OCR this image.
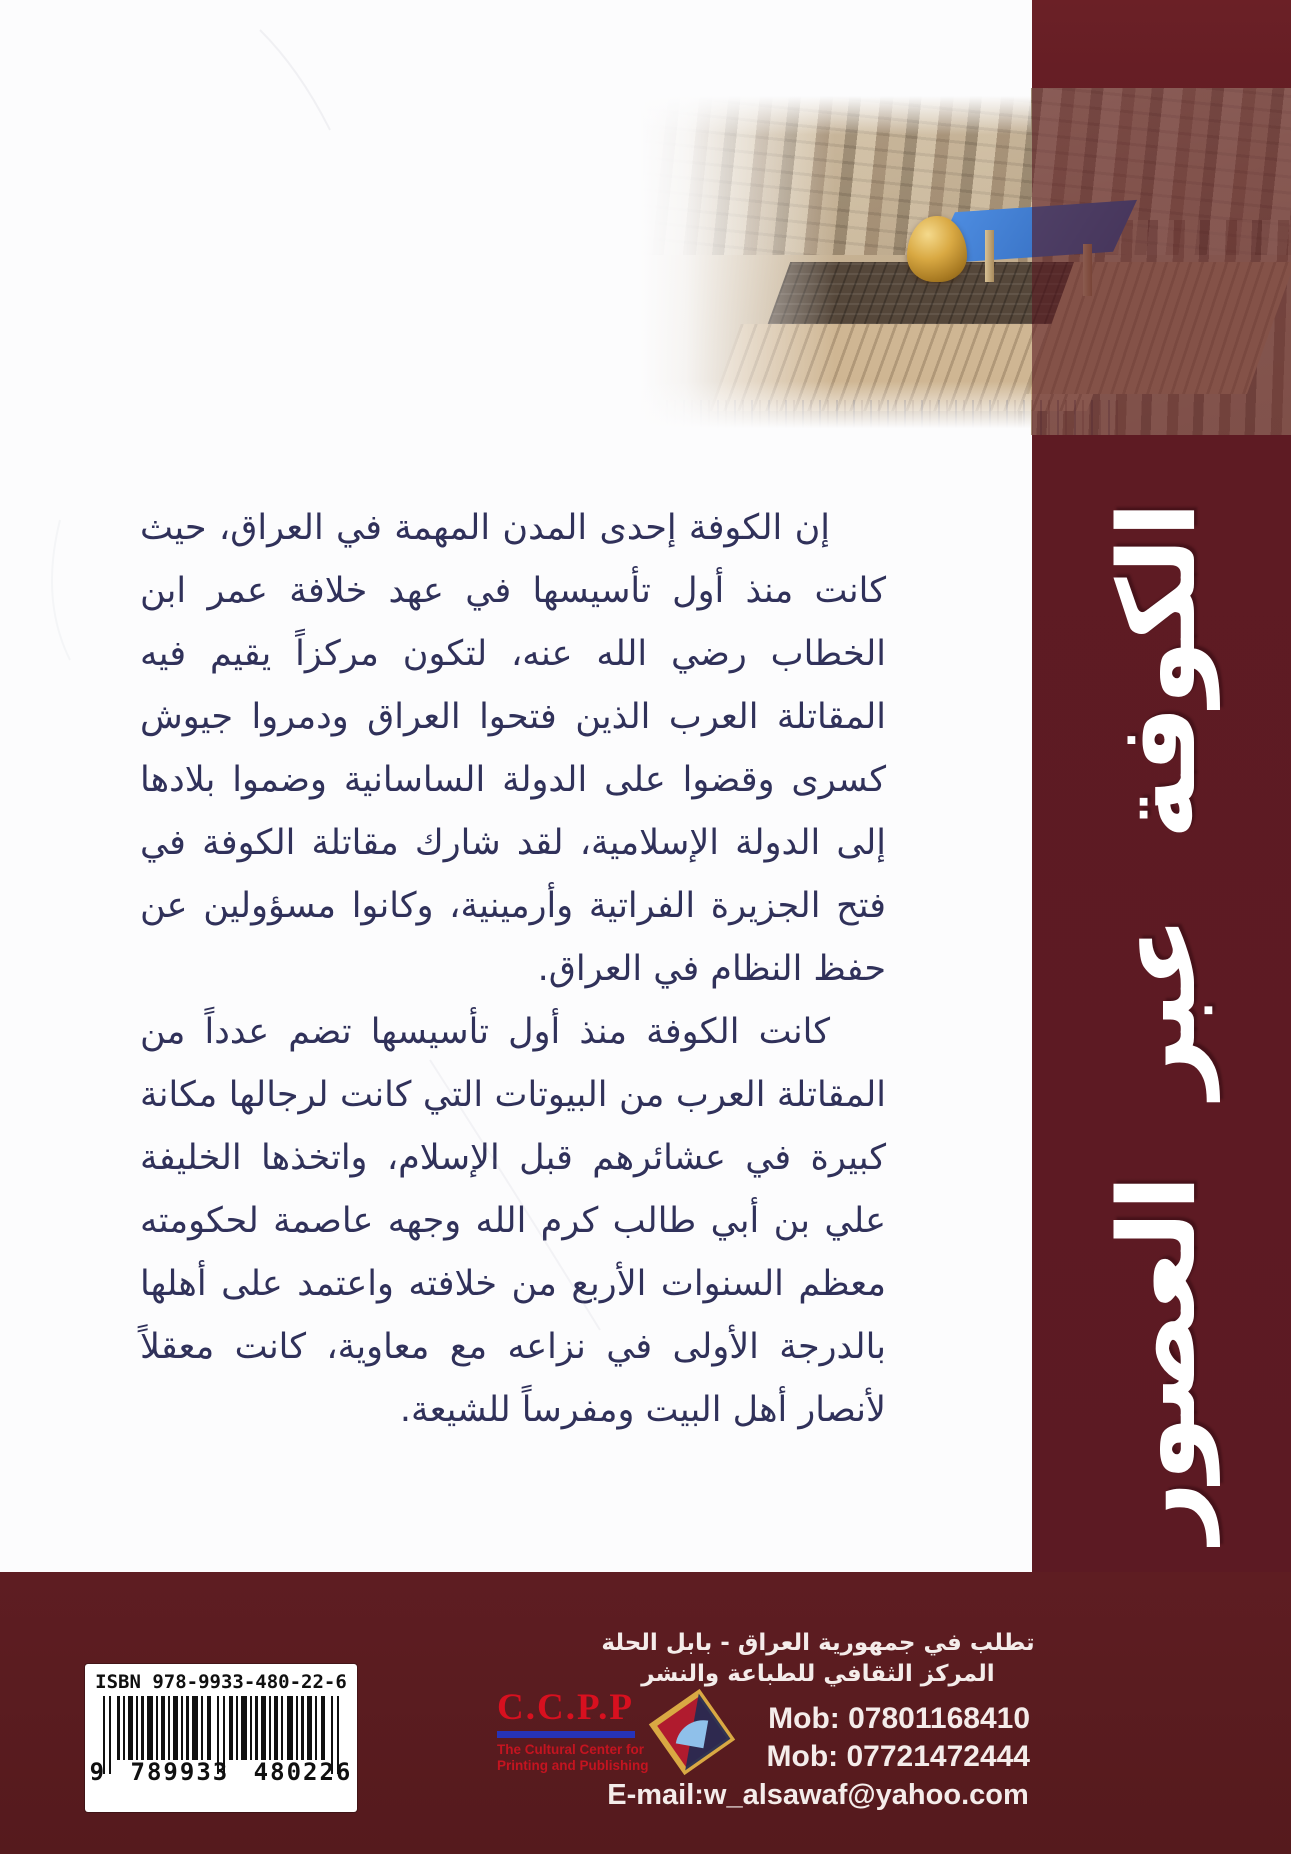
الكوفة عبر العصور
إن الكوفة إحدى المدن المهمة في العراق، حيث
كانت منذ أول تأسيسها في عهد خلافة عمر ابن
الخطاب رضي الله عنه، لتكون مركزاً يقيم فيه
المقاتلة العرب الذين فتحوا العراق ودمروا جيوش
كسرى وقضوا على الدولة الساسانية وضموا بلادها
إلى الدولة الإسلامية، لقد شارك مقاتلة الكوفة في
فتح الجزيرة الفراتية وأرمينية، وكانوا مسؤولين عن
حفظ النظام في العراق.
كانت الكوفة منذ أول تأسيسها تضم عدداً من
المقاتلة العرب من البيوتات التي كانت لرجالها مكانة
كبيرة في عشائرهم قبل الإسلام، واتخذها الخليفة
علي بن أبي طالب كرم الله وجهه عاصمة لحكومته
معظم السنوات الأربع من خلافته واعتمد على أهلها
بالدرجة الأولى في نزاعه مع معاوية، كانت معقلاً
لأنصار أهل البيت ومفرساً للشيعة.
ISBN 978-9933-480-22-6
9 789933 480226
C.C.P.P
The Cultural Center for
Printing and Publishing
تطلب في جمهورية العراق - بابل الحلة
المركز الثقافي للطباعة والنشر
Mob: 07801168410
Mob: 07721472444
E-mail:w_alsawaf@yahoo.com
